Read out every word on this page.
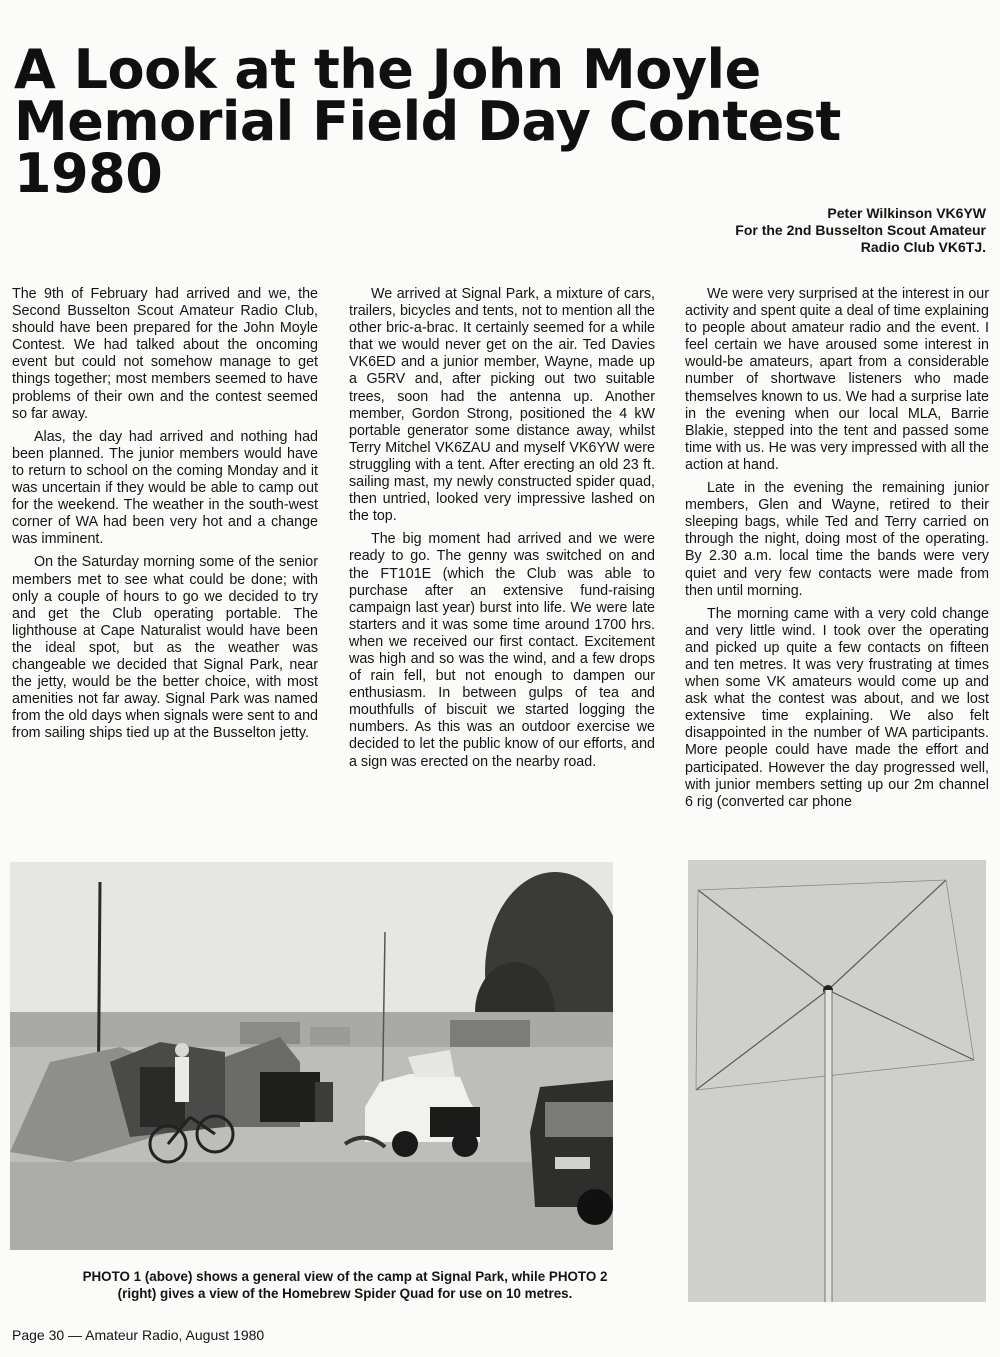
A Look at the John Moyle
Memorial Field Day Contest
1980
Peter Wilkinson VK6YW
For the 2nd Busselton Scout Amateur
Radio Club VK6TJ.

The 9th of February had arrived and we, the Second Busselton Scout Amateur Radio Club, should have been prepared for the John Moyle Contest. We had talked about the oncoming event but could not somehow manage to get things together; most members seemed to have problems of their own and the contest seemed so far away.

Alas, the day had arrived and nothing had been planned. The junior members would have to return to school on the coming Monday and it was uncertain if they would be able to camp out for the weekend. The weather in the south-west corner of WA had been very hot and a change was imminent.

On the Saturday morning some of the senior members met to see what could be done; with only a couple of hours to go we decided to try and get the Club operating portable. The lighthouse at Cape Naturalist would have been the ideal spot, but as the weather was changeable we decided that Signal Park, near the jetty, would be the better choice, with most amenities not far away. Signal Park was named from the old days when signals were sent to and from sailing ships tied up at the Busselton jetty.

We arrived at Signal Park, a mixture of cars, trailers, bicycles and tents, not to mention all the other bric-a-brac. It certainly seemed for a while that we would never get on the air. Ted Davies VK6ED and a junior member, Wayne, made up a G5RV and, after picking out two suitable trees, soon had the antenna up. Another member, Gordon Strong, positioned the 4 kW portable generator some distance away, whilst Terry Mitchel VK6ZAU and myself VK6YW were struggling with a tent. After erecting an old 23 ft. sailing mast, my newly constructed spider quad, then untried, looked very impressive lashed on the top.

The big moment had arrived and we were ready to go. The genny was switched on and the FT101E (which the Club was able to purchase after an extensive fund-raising campaign last year) burst into life. We were late starters and it was some time around 1700 hrs. when we received our first contact. Excitement was high and so was the wind, and a few drops of rain fell, but not enough to dampen our enthusiasm. In between gulps of tea and mouthfulls of biscuit we started logging the numbers. As this was an outdoor exercise we decided to let the public know of our efforts, and a sign was erected on the nearby road.

We were very surprised at the interest in our activity and spent quite a deal of time explaining to people about amateur radio and the event. I feel certain we have aroused some interest in would-be amateurs, apart from a considerable number of shortwave listeners who made themselves known to us. We had a surprise late in the evening when our local MLA, Barrie Blakie, stepped into the tent and passed some time with us. He was very impressed with all the action at hand.

Late in the evening the remaining junior members, Glen and Wayne, retired to their sleeping bags, while Ted and Terry carried on through the night, doing most of the operating. By 2.30 a.m. local time the bands were very quiet and very few contacts were made from then until morning.

The morning came with a very cold change and very little wind. I took over the operating and picked up quite a few contacts on fifteen and ten metres. It was very frustrating at times when some VK amateurs would come up and ask what the contest was about, and we lost extensive time explaining. We also felt disappointed in the number of WA participants. More people could have made the effort and participated. However the day progressed well, with junior members setting up our 2m channel 6 rig (converted car phone

PHOTO 1 (above) shows a general view of the camp at Signal Park, while PHOTO 2
(right) gives a view of the Homebrew Spider Quad for use on 10 metres.
Page 30 — Amateur Radio, August 1980
